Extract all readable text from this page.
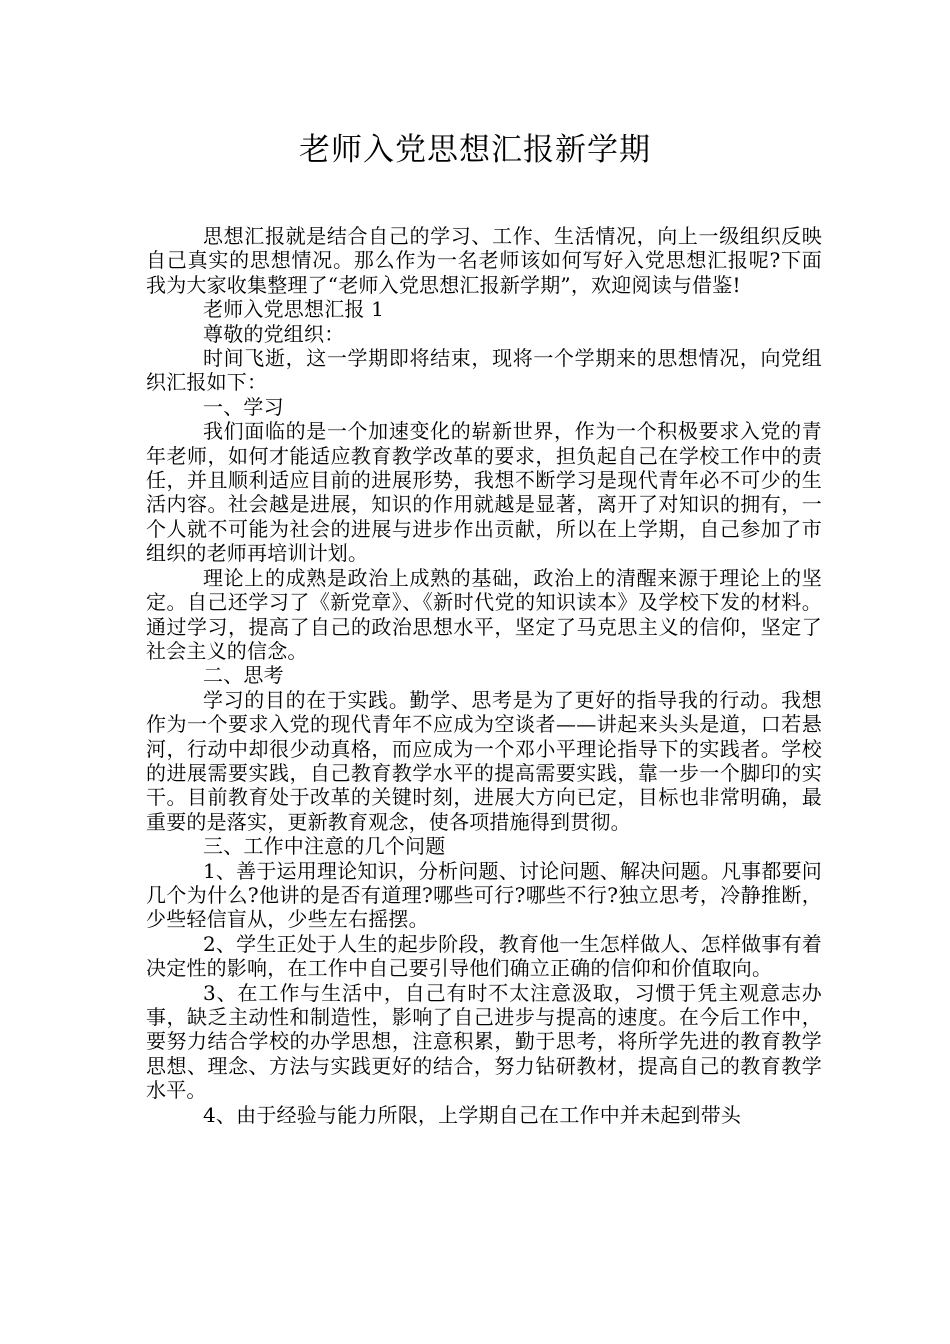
老师入党思想汇报新学期

思想汇报就是结合自己的学习、工作、生活情况，向上一级组织反映自己真实的思想情况。那么作为一名老师该如何写好入党思想汇报呢?下面我为大家收集整理了“老师入党思想汇报新学期”，欢迎阅读与借鉴!

老师入党思想汇报 1

尊敬的党组织：

时间飞逝，这一学期即将结束，现将一个学期来的思想情况，向党组织汇报如下：

一、学习

我们面临的是一个加速变化的崭新世界，作为一个积极要求入党的青年老师，如何才能适应教育教学改革的要求，担负起自己在学校工作中的责任，并且顺利适应目前的进展形势，我想不断学习是现代青年必不可少的生活内容。社会越是进展，知识的作用就越是显著，离开了对知识的拥有，一个人就不可能为社会的进展与进步作出贡献，所以在上学期，自己参加了市组织的老师再培训计划。

理论上的成熟是政治上成熟的基础，政治上的清醒来源于理论上的坚定。自己还学习了《新党章》、《新时代党的知识读本》及学校下发的材料。通过学习，提高了自己的政治思想水平，坚定了马克思主义的信仰，坚定了社会主义的信念。

二、思考

学习的目的在于实践。勤学、思考是为了更好的指导我的行动。我想作为一个要求入党的现代青年不应成为空谈者——讲起来头头是道，口若悬河，行动中却很少动真格，而应成为一个邓小平理论指导下的实践者。学校的进展需要实践，自己教育教学水平的提高需要实践，靠一步一个脚印的实干。目前教育处于改革的关键时刻，进展大方向已定，目标也非常明确，最重要的是落实，更新教育观念，使各项措施得到贯彻。

三、工作中注意的几个问题

1、善于运用理论知识，分析问题、讨论问题、解决问题。凡事都要问几个为什么?他讲的是否有道理?哪些可行?哪些不行?独立思考，冷静推断，少些轻信盲从，少些左右摇摆。

2、学生正处于人生的起步阶段，教育他一生怎样做人、怎样做事有着决定性的影响，在工作中自己要引导他们确立正确的信仰和价值取向。

3、在工作与生活中，自己有时不太注意汲取，习惯于凭主观意志办事，缺乏主动性和制造性，影响了自己进步与提高的速度。在今后工作中，要努力结合学校的办学思想，注意积累，勤于思考，将所学先进的教育教学思想、理念、方法与实践更好的结合，努力钻研教材，提高自己的教育教学水平。

4、由于经验与能力所限，上学期自己在工作中并未起到带头
